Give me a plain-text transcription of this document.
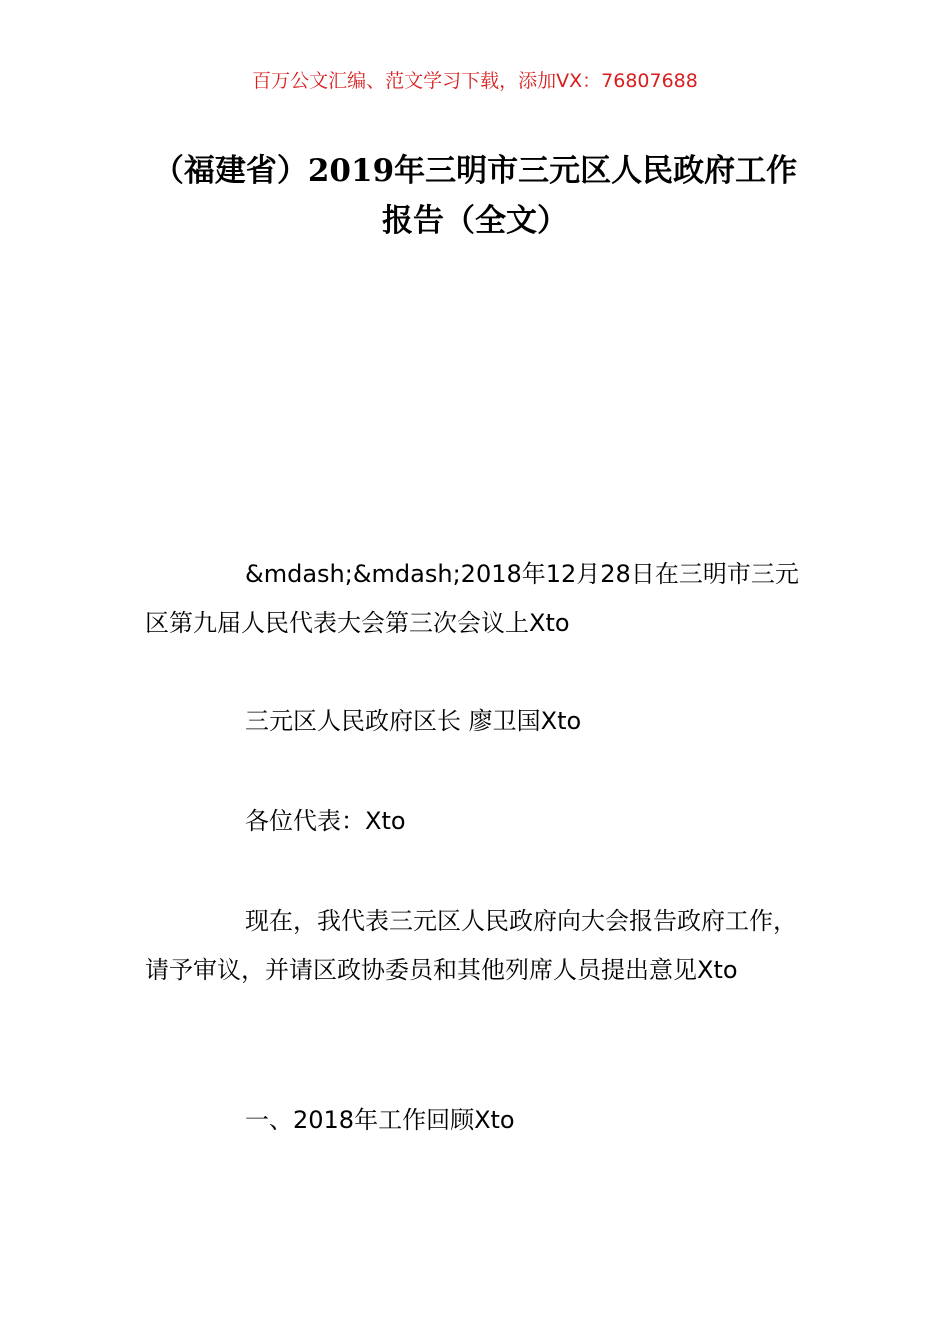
百万公文汇编、范文学习下载，添加VX：76807688
（福建省）2019年三明市三元区人民政府工作报告（全文）

&mdash;&mdash;2018年12月28日在三明市三元区第九届人民代表大会第三次会议上Xto

三元区人民政府区长 廖卫国Xto

各位代表：Xto

现在，我代表三元区人民政府向大会报告政府工作，请予审议，并请区政协委员和其他列席人员提出意见Xto

一、2018年工作回顾Xto
